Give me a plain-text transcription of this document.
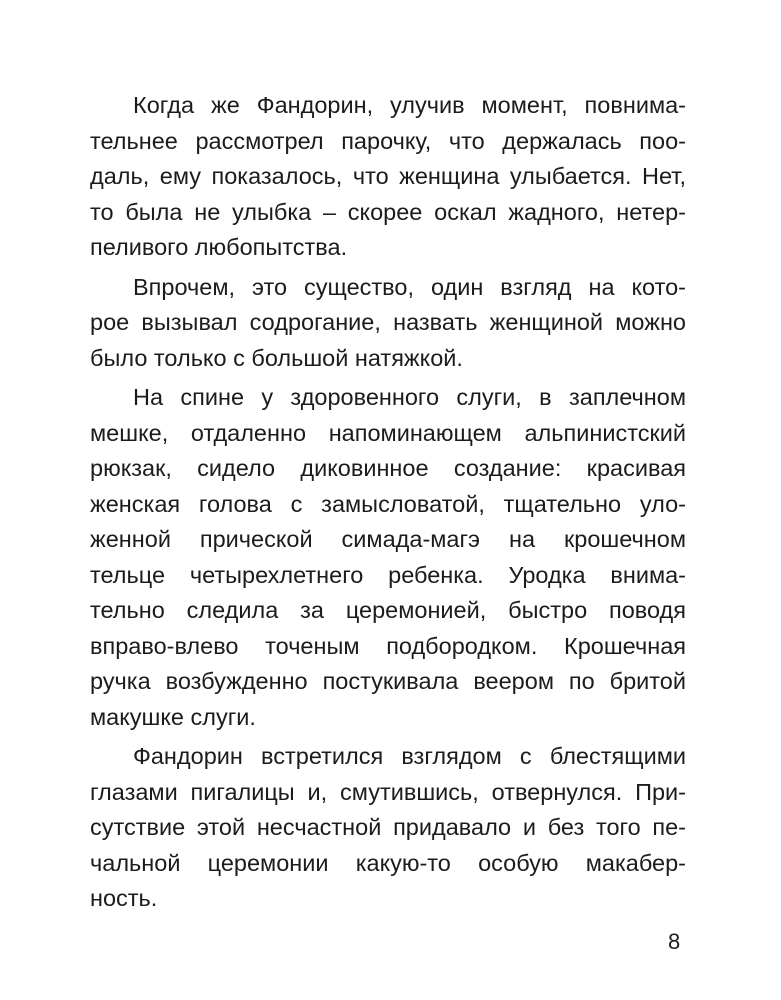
Когда же Фандорин, улучив момент, повнима-
тельнее рассмотрел парочку, что держалась поо-
даль, ему показалось, что женщина улыбается. Нет,
то была не улыбка – скорее оскал жадного, нетер-
пеливого любопытства.
Впрочем, это существо, один взгляд на кото-
рое вызывал содрогание, назвать женщиной можно
было только с большой натяжкой.
На спине у здоровенного слуги, в заплечном
мешке, отдаленно напоминающем альпинистский
рюкзак, сидело диковинное создание: красивая
женская голова с замысловатой, тщательно уло-
женной прической симада-магэ на крошечном
тельце четырехлетнего ребенка. Уродка внима-
тельно следила за церемонией, быстро поводя
вправо-влево точеным подбородком. Крошечная
ручка возбужденно постукивала веером по бритой
макушке слуги.
Фандорин встретился взглядом с блестящими
глазами пигалицы и, смутившись, отвернулся. При-
сутствие этой несчастной придавало и без того пе-
чальной церемонии какую-то особую макабер-
ность.
8
